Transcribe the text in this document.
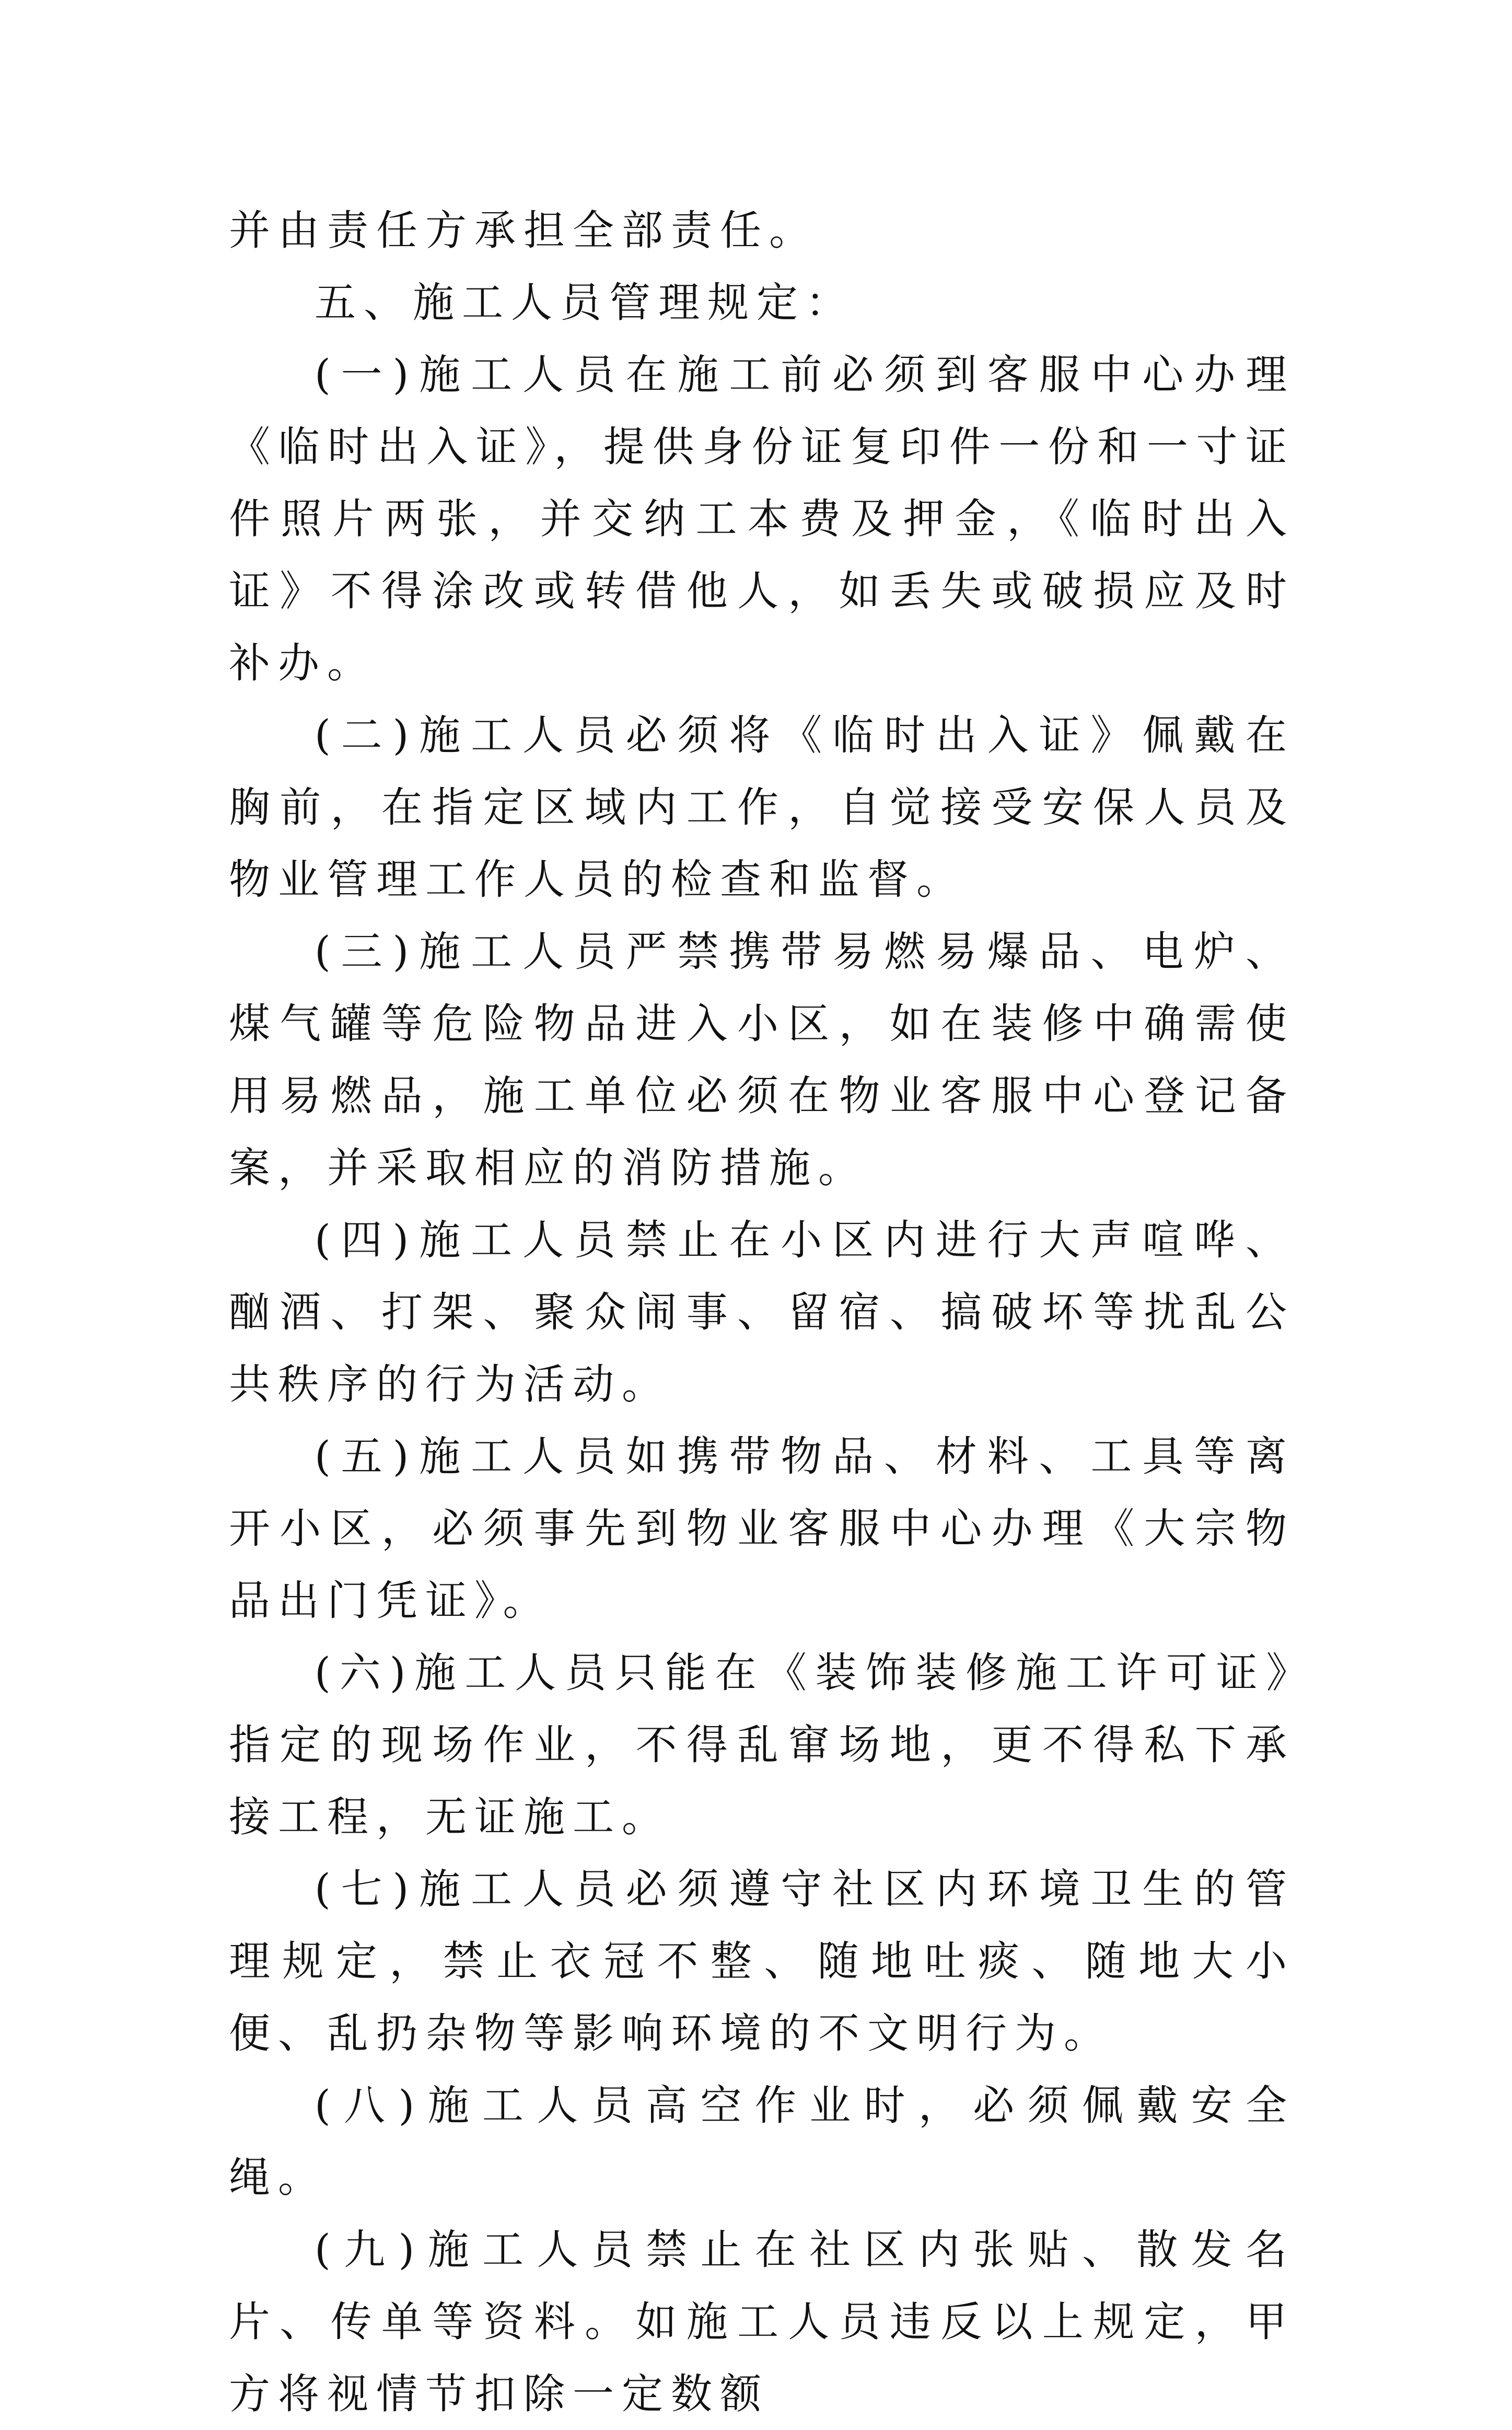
并由责任方承担全部责任。

五、施工人员管理规定：

(一)施工人员在施工前必须到客服中心办理《临时出入证》，提供身份证复印件一份和一寸证件照片两张，并交纳工本费及押金，《临时出入证》不得涂改或转借他人，如丢失或破损应及时补办。

(二)施工人员必须将《临时出入证》佩戴在胸前，在指定区域内工作，自觉接受安保人员及物业管理工作人员的检查和监督。

(三)施工人员严禁携带易燃易爆品、电炉、煤气罐等危险物品进入小区，如在装修中确需使用易燃品，施工单位必须在物业客服中心登记备案，并采取相应的消防措施。

(四)施工人员禁止在小区内进行大声喧哗、酗酒、打架、聚众闹事、留宿、搞破坏等扰乱公共秩序的行为活动。

(五)施工人员如携带物品、材料、工具等离开小区，必须事先到物业客服中心办理《大宗物品出门凭证》。

(六)施工人员只能在《装饰装修施工许可证》指定的现场作业，不得乱窜场地，更不得私下承接工程，无证施工。

(七)施工人员必须遵守社区内环境卫生的管理规定，禁止衣冠不整、随地吐痰、随地大小便、乱扔杂物等影响环境的不文明行为。

(八)施工人员高空作业时，必须佩戴安全绳。

(九)施工人员禁止在社区内张贴、散发名片、传单等资料。如施工人员违反以上规定，甲方将视情节扣除一定数额
